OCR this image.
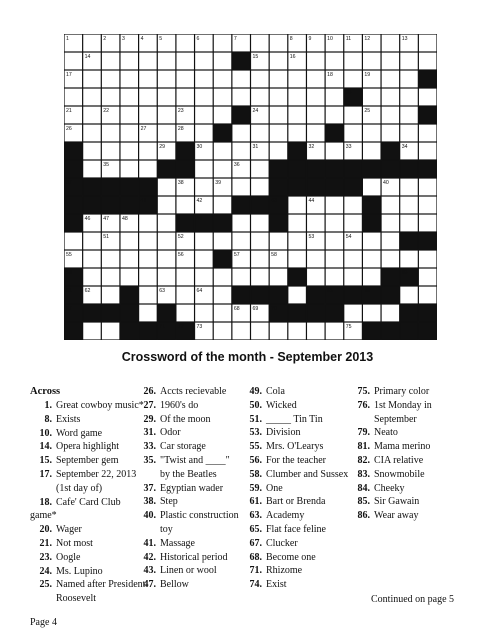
1	2	3	4	5	6	7	8	9	10 11	12	13
14	15	16
17	18	19
20
21	22	23	24	25
26	27	28
29	30	31	32	33	34
35	36
37	38	39	40
41	42	43	44	45
46 47 48	49	50
51	52	53	54
55	56	57	58
59	60
61 62	63	64	65	66
67	68 69 70
71 72 73	75
Crossword of the month - September 2013
Across
1. Great cowboy music*
8. Exists
10. Word game
14. Opera highlight
15. September gem
17. September 22, 2013
(1st day of)
18. Cafe' Card Club
game*
20. Wager
21. Not most
23. Oogle
24. Ms. Lupino
25. Named after President
Roosevelt
26. Accts recievable
27. 1960's do
29. Of the moon
31. Odor
33. Car storage
35. "Twist and ____"
by the Beatles
37. Egyptian wader
38. Step
40. Plastic construction
toy
41. Massage
42. Historical period
43. Linen or wool
47. Bellow
49. Cola
50. Wicked
51. _____ Tin Tin
53. Division
55. Mrs. O'Learys
56. For the teacher
58. Clumber and Sussex
59. One
61. Bart or Brenda
63. Academy
65. Flat face feline
67. Clucker
68. Become one
71. Rhizome
74. Exist
75. Primary color
76. 1st Monday in
September
79. Neato
81. Mama merino
82. CIA relative
83. Snowmobile
84. Cheeky
85. Sir Gawain
86. Wear away
Continued on page 5
Page 4
